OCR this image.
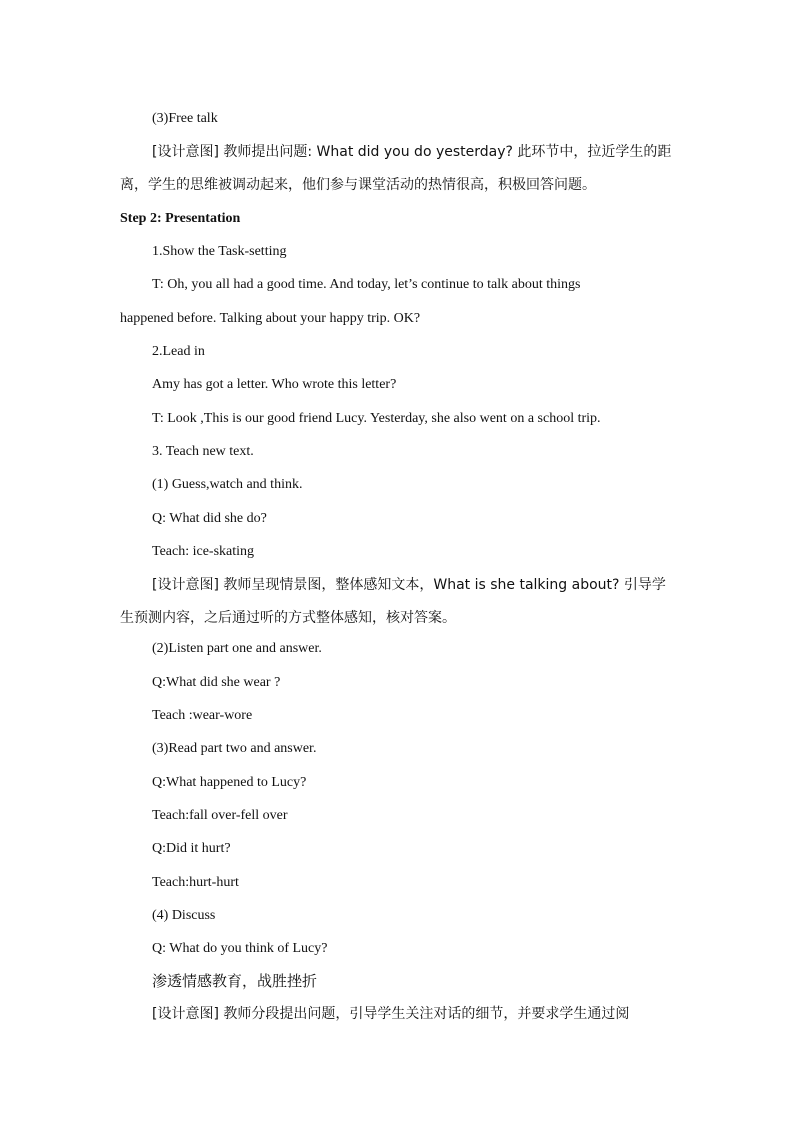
(3)Free talk
[设计意图] 教师提出问题: What did you do yesterday? 此环节中，拉近学生的距
离，学生的思维被调动起来，他们参与课堂活动的热情很高，积极回答问题。
Step 2: Presentation
1.Show the Task-setting
T: Oh, you all had a good time. And today, let’s continue to talk about things
happened before. Talking about your happy trip. OK?
2.Lead in
Amy has got a letter. Who wrote this letter?
T: Look ,This is our good friend Lucy. Yesterday, she also went on a school trip.
3. Teach new text.
(1) Guess,watch and think.
Q: What did she do?
Teach: ice-skating
[设计意图] 教师呈现情景图，整体感知文本，What is she talking about? 引导学
生预测内容，之后通过听的方式整体感知，核对答案。
(2)Listen part one and answer.
Q:What did she wear ?
Teach :wear-wore
(3)Read part two and answer.
Q:What happened to Lucy?
Teach:fall over-fell over
Q:Did it hurt?
Teach:hurt-hurt
(4) Discuss
Q: What do you think of Lucy?
渗透情感教育，战胜挫折
[设计意图] 教师分段提出问题，引导学生关注对话的细节，并要求学生通过阅
